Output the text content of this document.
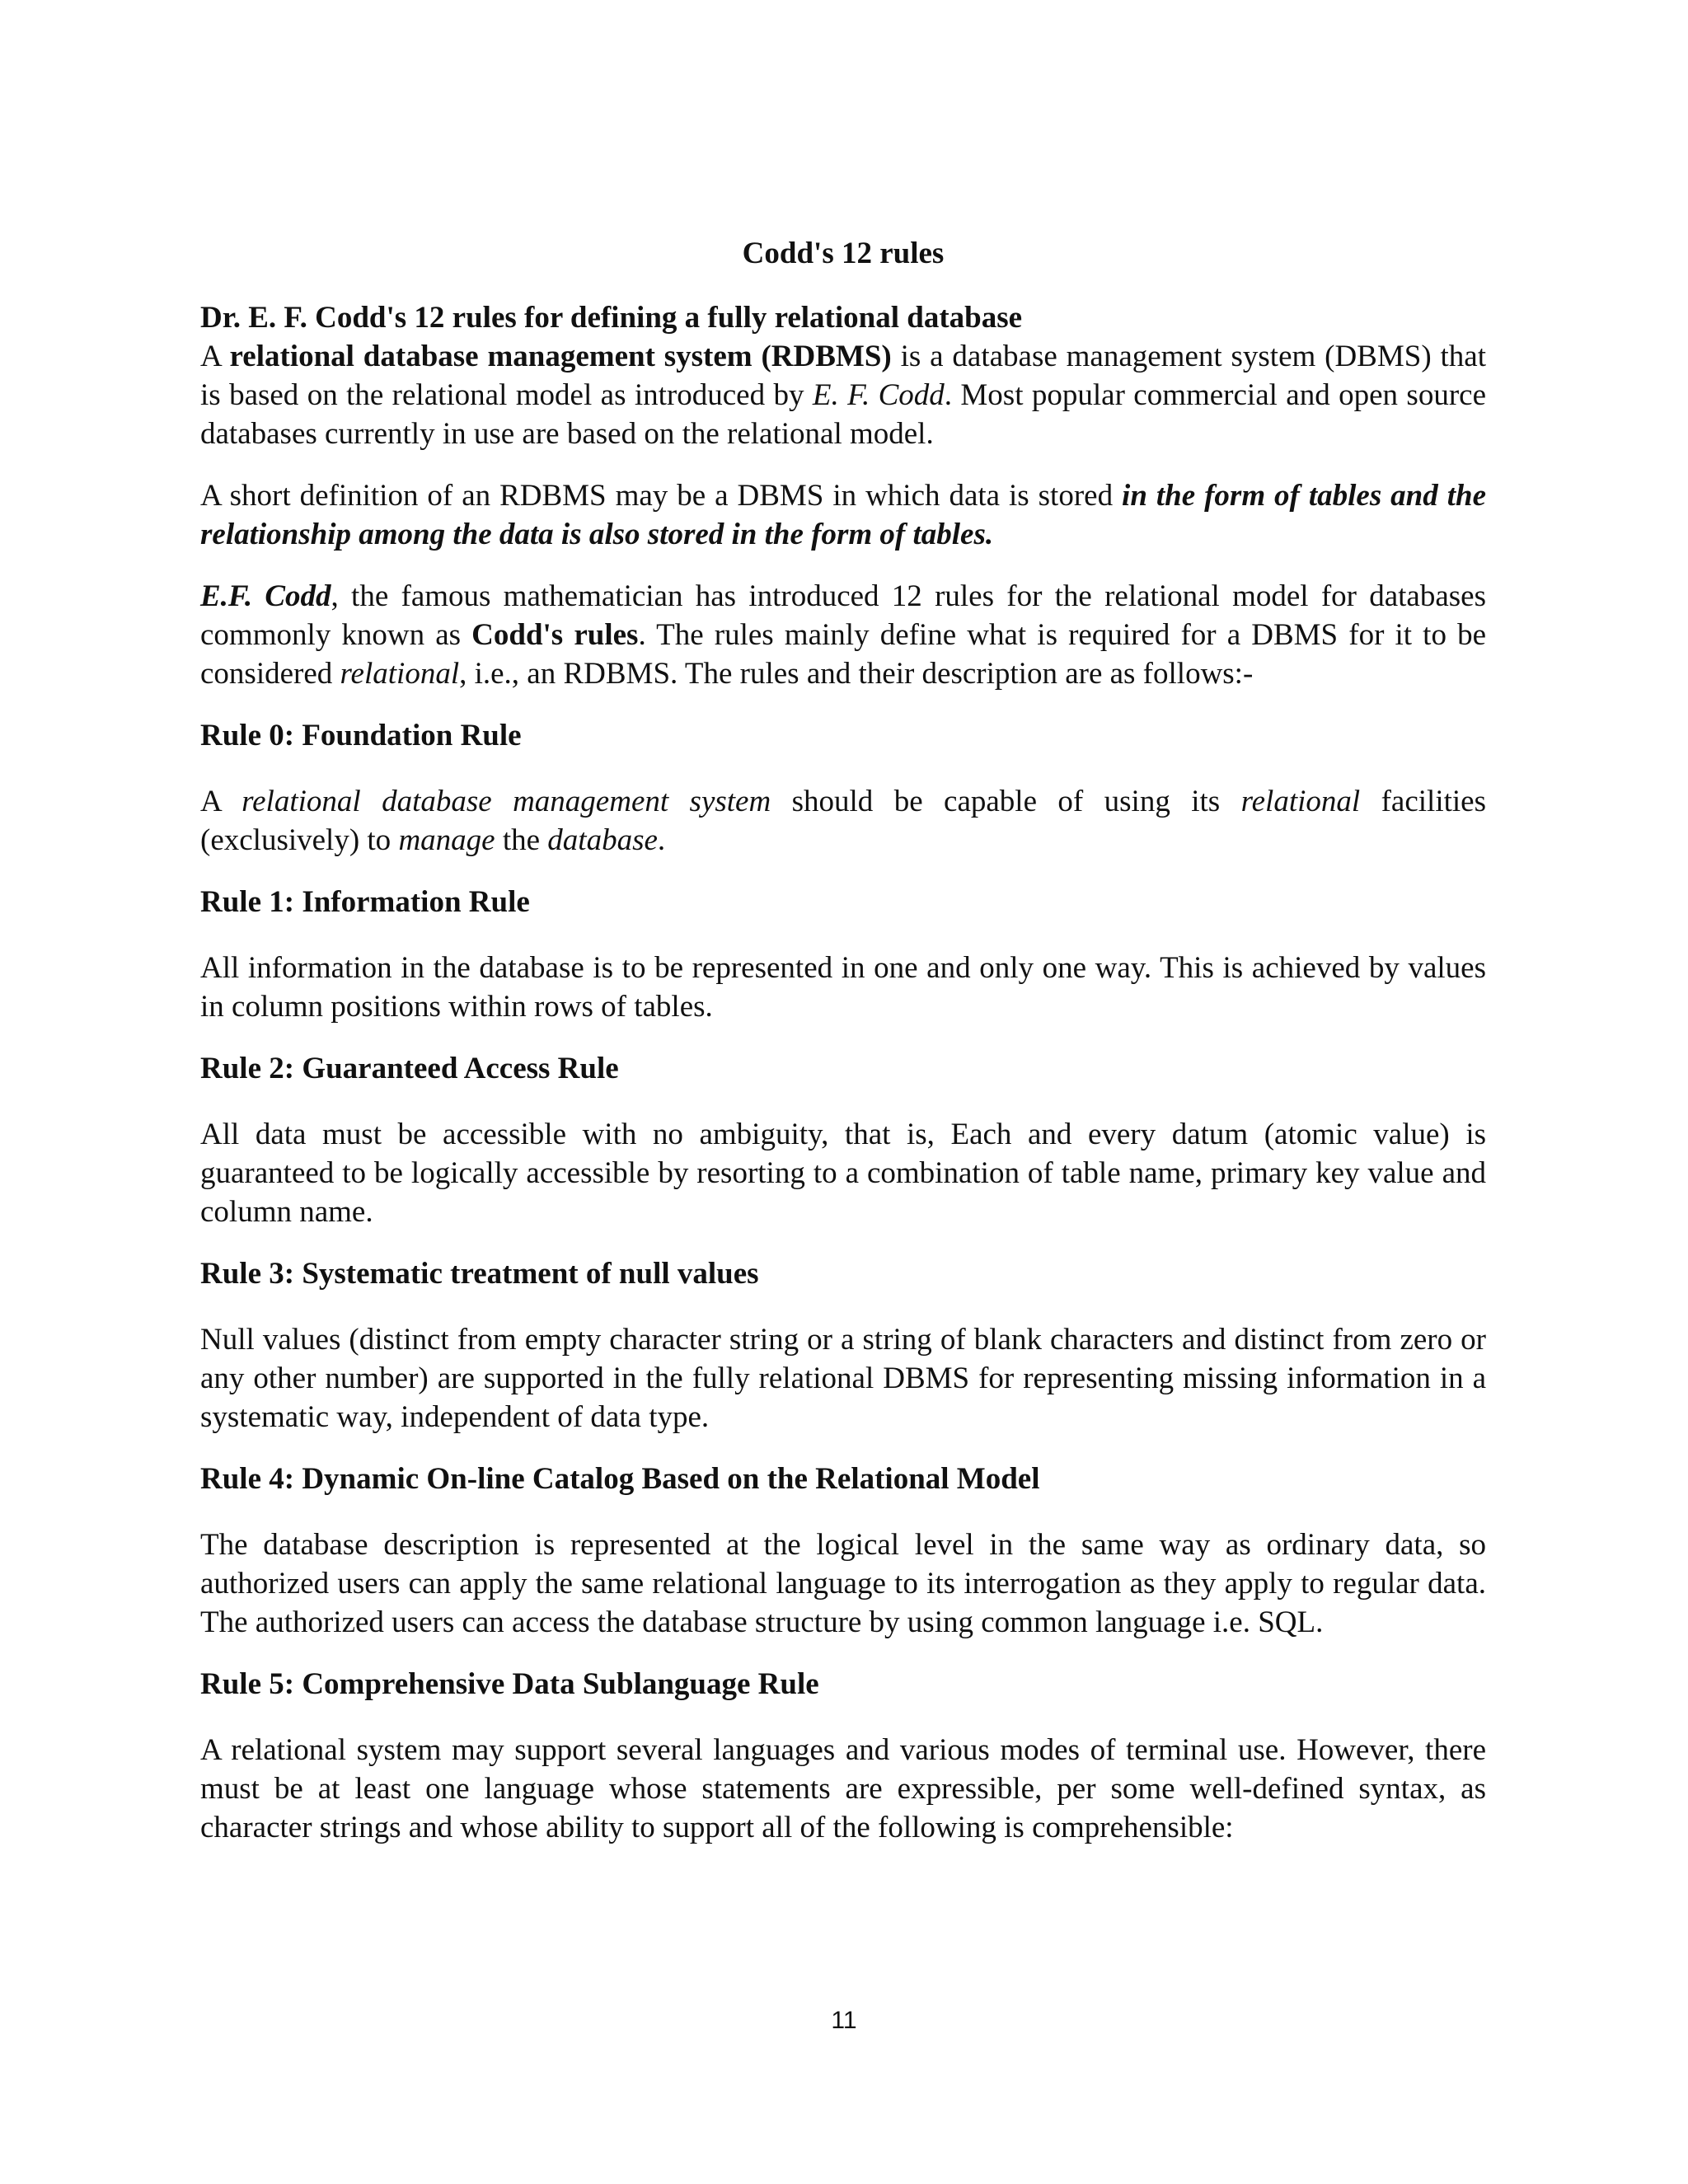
Codd's 12 rules
Dr. E. F. Codd's 12 rules for defining a fully relational database

A relational database management system (RDBMS) is a database management system (DBMS) that is based on the relational model as introduced by E. F. Codd. Most popular commercial and open source databases currently in use are based on the relational model.

A short definition of an RDBMS may be a DBMS in which data is stored in the form of tables and the relationship among the data is also stored in the form of tables.

E.F. Codd, the famous mathematician has introduced 12 rules for the relational model for databases commonly known as Codd's rules. The rules mainly define what is required for a DBMS for it to be considered relational, i.e., an RDBMS. The rules and their description are as follows:-

Rule 0: Foundation Rule

A relational database management system should be capable of using its relational facilities (exclusively) to manage the database.

Rule 1: Information Rule

All information in the database is to be represented in one and only one way. This is achieved by values in column positions within rows of tables.

Rule 2: Guaranteed Access Rule

All data must be accessible with no ambiguity, that is, Each and every datum (atomic value) is guaranteed to be logically accessible by resorting to a combination of table name, primary key value and column name.

Rule 3: Systematic treatment of null values

Null values (distinct from empty character string or a string of blank characters and distinct from zero or any other number) are supported in the fully relational DBMS for representing missing information in a systematic way, independent of data type.

Rule 4: Dynamic On-line Catalog Based on the Relational Model

The database description is represented at the logical level in the same way as ordinary data, so authorized users can apply the same relational language to its interrogation as they apply to regular data. The authorized users can access the database structure by using common language i.e. SQL.

Rule 5: Comprehensive Data Sublanguage Rule

A relational system may support several languages and various modes of terminal use. However, there must be at least one language whose statements are expressible, per some well-defined syntax, as character strings and whose ability to support all of the following is comprehensible:

11
